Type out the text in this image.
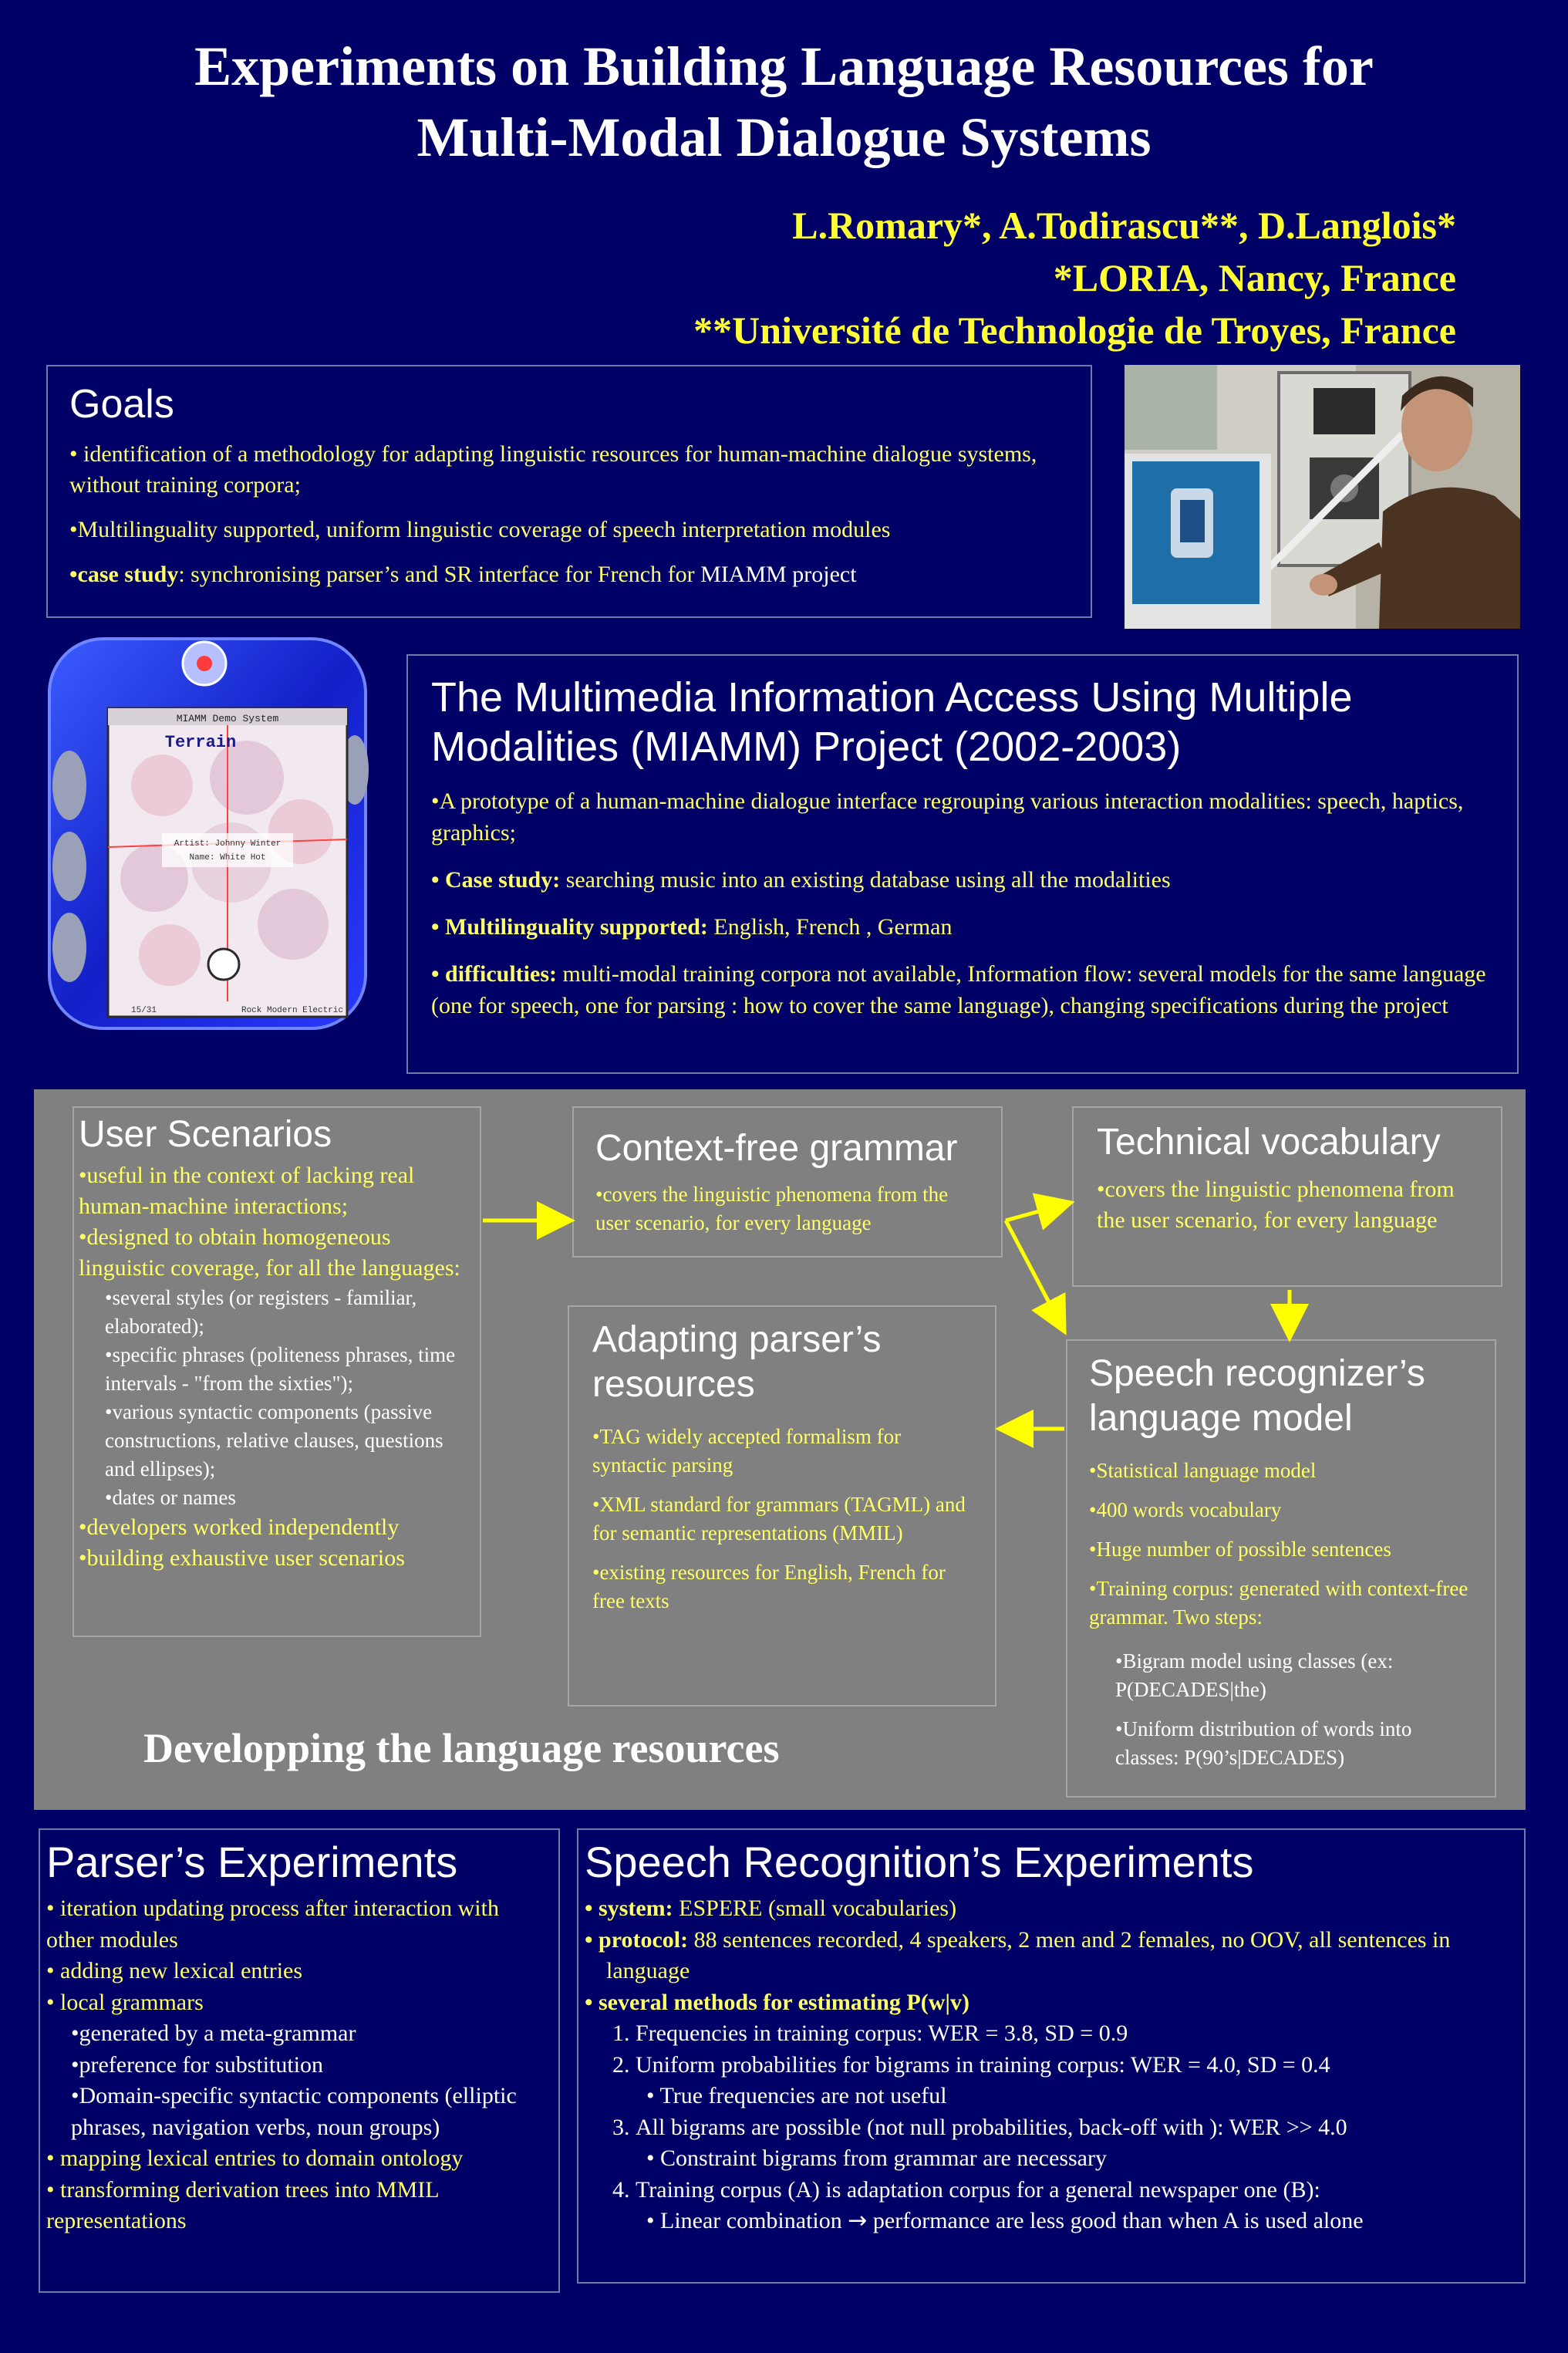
Experiments on Building Language Resources for
Multi-Modal Dialogue Systems
L.Romary*, A.Todirascu**, D.Langlois*
*LORIA, Nancy, France
**Université de Technologie de Troyes, France
Goals

• identification of a methodology for adapting linguistic resources for human-machine dialogue systems, without training corpora;

•Multilinguality supported, uniform linguistic coverage of speech interpretation modules

•case study: synchronising parser’s and SR interface for French for MIAMM project

MIAMM Demo System
Terrain
Artist: Johnny Winter
Name: White Hot
15/31	Rock Modern Electric
The Multimedia Information Access Using Multiple Modalities (MIAMM) Project (2002-2003)

•A prototype of a human-machine dialogue interface regrouping various interaction modalities: speech, haptics, graphics;

• Case study: searching music into an existing database using all the modalities

• Multilinguality supported: English, French , German

• difficulties: multi-modal training corpora not available, Information flow: several models for the same language (one for speech, one for parsing : how to cover the same language), changing specifications during the project

User Scenarios
•useful in the context of lacking real human-machine interactions;
•designed to obtain homogeneous linguistic coverage, for all the languages:
•several styles (or registers - familiar, elaborated);
•specific phrases (politeness phrases, time intervals - "from the sixties");
•various syntactic components (passive constructions, relative clauses, questions and ellipses);
•dates or names
•developers worked independently
•building exhaustive user scenarios
Context-free grammar
•covers the linguistic phenomena from the user scenario, for every language
Technical vocabulary
•covers the linguistic phenomena from the user scenario, for every language
Adapting parser’s resources

•TAG widely accepted formalism for syntactic parsing

•XML standard for grammars (TAGML) and for semantic representations (MMIL)

•existing resources for English, French for free texts

Speech recognizer’s language model

•Statistical language model

•400 words vocabulary

•Huge number of possible sentences

•Training corpus: generated with context-free grammar. Two steps:

•Bigram model using classes (ex: P(DECADES|the)

•Uniform distribution of words into classes: P(90’s|DECADES)

Developping the language resources
Parser’s Experiments
• iteration updating process after interaction with other modules
• adding new lexical entries
• local grammars
•generated by a meta-grammar
•preference for substitution
•Domain-specific syntactic components (elliptic phrases, navigation verbs, noun groups)
• mapping lexical entries to domain ontology
• transforming derivation trees into MMIL representations
Speech Recognition’s Experiments
• system: ESPERE (small vocabularies)
• protocol: 88 sentences recorded, 4 speakers, 2 men and 2 females, no OOV, all sentences in language
• several methods for estimating P(w|v)
1. Frequencies in training corpus: WER = 3.8, SD = 0.9
2. Uniform probabilities for bigrams in training corpus: WER = 4.0, SD = 0.4
• True frequencies are not useful
3. All bigrams are possible (not null probabilities, back-off with ): WER >> 4.0
• Constraint bigrams from grammar are necessary
4. Training corpus (A) is adaptation corpus for a general newspaper one (B):
• Linear combination → performance are less good than when A is used alone
